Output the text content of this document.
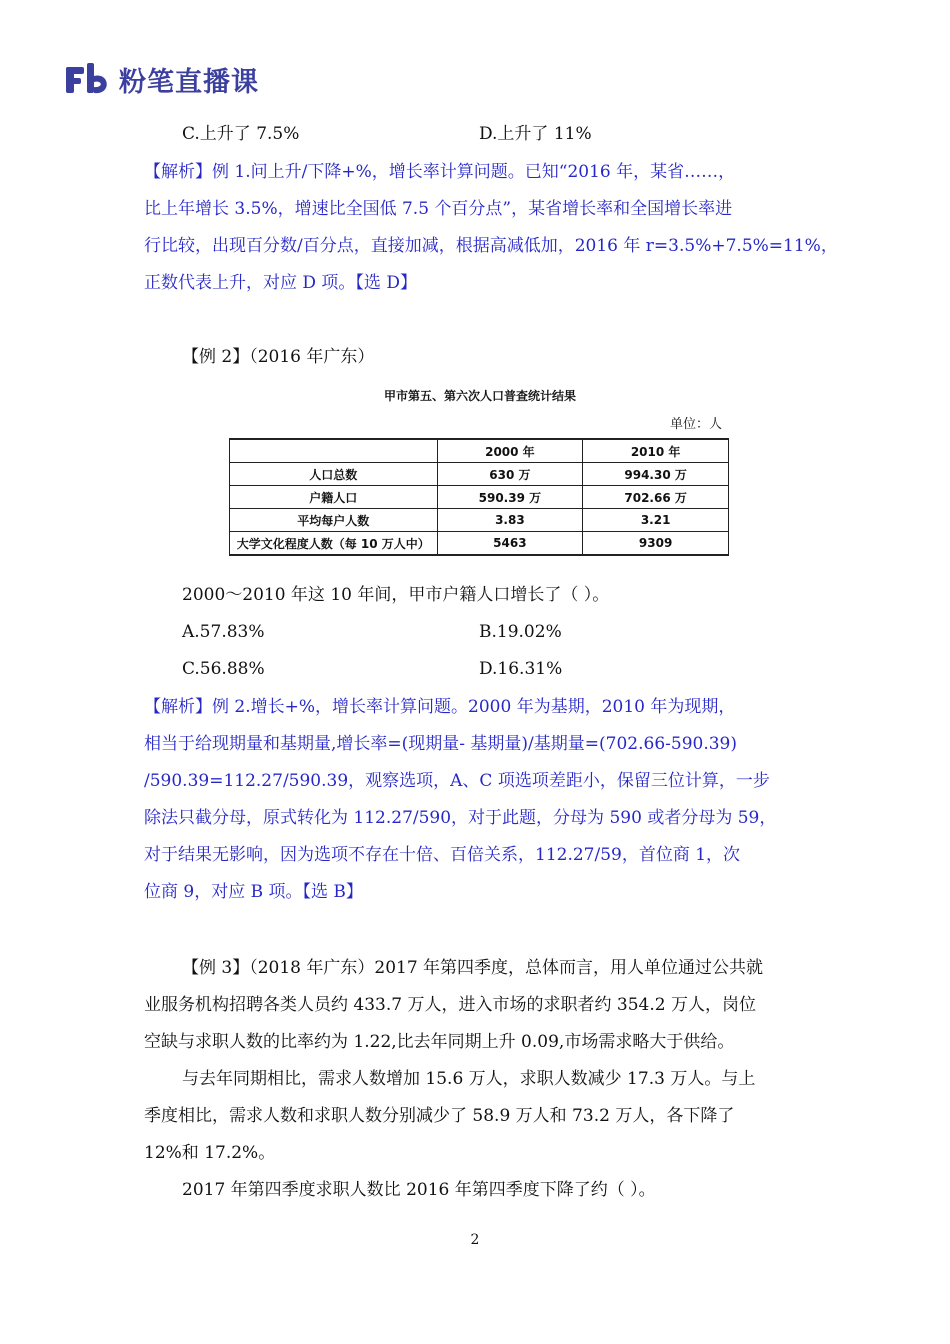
粉笔直播课
C.上升了 7.5%	D.上升了 11%
【解析】例 1.问上升/下降+%，增长率计算问题。已知“2016 年，某省……，
比上年增长 3.5%，增速比全国低 7.5 个百分点”，某省增长率和全国增长率进
行比较，出现百分数/百分点，直接加减，根据高减低加，2016 年 r=3.5%+7.5%=11%，
正数代表上升，对应 D 项。【选 D】
【例 2】（2016 年广东）
甲市第五、第六次人口普查统计结果
单位：人
	2000 年	2010 年
人口总数	630 万	994.30 万
户籍人口	590.39 万	702.66 万
平均每户人数	3.83	3.21
大学文化程度人数（每 10 万人中）	5463	9309
2000～2010 年这 10 年间，甲市户籍人口增长了（ ）。
A.57.83%	B.19.02%
C.56.88%	D.16.31%
【解析】例 2.增长+%，增长率计算问题。2000 年为基期，2010 年为现期，
相当于给现期量和基期量,增长率=(现期量- 基期量)/基期量=(702.66-590.39)
/590.39=112.27/590.39，观察选项，A、C 项选项差距小，保留三位计算，一步
除法只截分母，原式转化为 112.27/590，对于此题，分母为 590 或者分母为 59，
对于结果无影响，因为选项不存在十倍、百倍关系，112.27/59，首位商 1，次
位商 9，对应 B 项。【选 B】
【例 3】（2018 年广东）2017 年第四季度，总体而言，用人单位通过公共就
业服务机构招聘各类人员约 433.7 万人，进入市场的求职者约 354.2 万人，岗位
空缺与求职人数的比率约为 1.22,比去年同期上升 0.09,市场需求略大于供给。
与去年同期相比，需求人数增加 15.6 万人，求职人数减少 17.3 万人。与上
季度相比，需求人数和求职人数分别减少了 58.9 万人和 73.2 万人，各下降了
12%和 17.2%。
2017 年第四季度求职人数比 2016 年第四季度下降了约（ ）。
2
